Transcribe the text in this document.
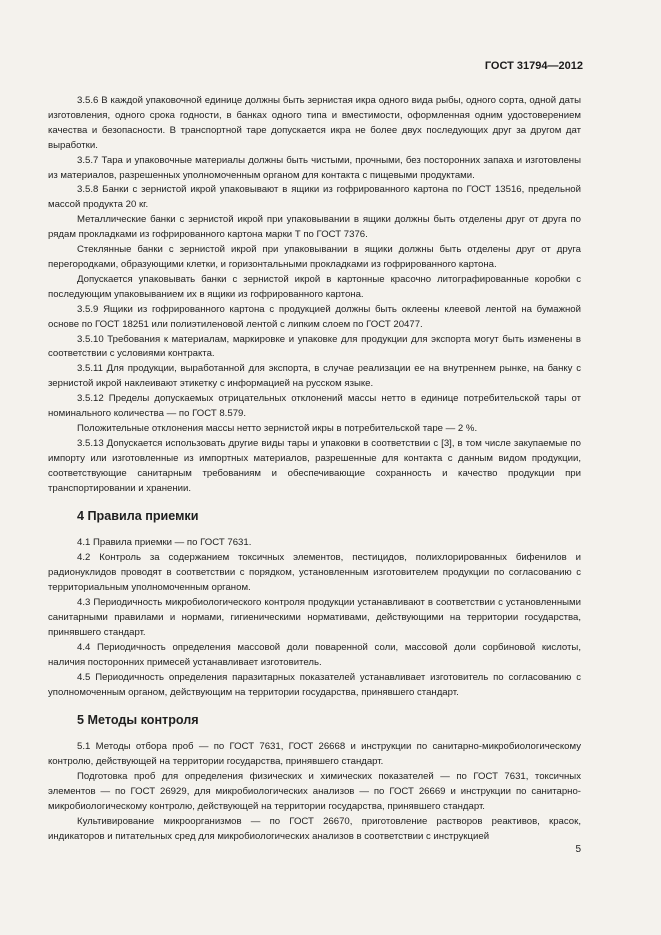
ГОСТ 31794—2012

3.5.6 В каждой упаковочной единице должны быть зернистая икра одного вида рыбы, одного сорта, одной даты изготовления, одного срока годности, в банках одного типа и вместимости, оформленная одним удостоверением качества и безопасности. В транспортной таре допускается икра не более двух последующих друг за другом дат выработки.

3.5.7 Тара и упаковочные материалы должны быть чистыми, прочными, без посторонних запаха и изготовлены из материалов, разрешенных уполномоченным органом для контакта с пищевыми продуктами.

3.5.8 Банки с зернистой икрой упаковывают в ящики из гофрированного картона по ГОСТ 13516, предельной массой продукта 20 кг.

Металлические банки с зернистой икрой при упаковывании в ящики должны быть отделены друг от друга по рядам прокладками из гофрированного картона марки Т по ГОСТ 7376.

Стеклянные банки с зернистой икрой при упаковывании в ящики должны быть отделены друг от друга перегородками, образующими клетки, и горизонтальными прокладками из гофрированного картона.

Допускается упаковывать банки с зернистой икрой в картонные красочно литографированные коробки с последующим упаковыванием их в ящики из гофрированного картона.

3.5.9 Ящики из гофрированного картона с продукцией должны быть оклеены клеевой лентой на бумажной основе по ГОСТ 18251 или полиэтиленовой лентой с липким слоем по ГОСТ 20477.

3.5.10 Требования к материалам, маркировке и упаковке для продукции для экспорта могут быть изменены в соответствии с условиями контракта.

3.5.11 Для продукции, выработанной для экспорта, в случае реализации ее на внутреннем рынке, на банку с зернистой икрой наклеивают этикетку с информацией на русском языке.

3.5.12 Пределы допускаемых отрицательных отклонений массы нетто в единице потребительской тары от номинального количества — по ГОСТ 8.579.

Положительные отклонения массы нетто зернистой икры в потребительской таре — 2 %.

3.5.13 Допускается использовать другие виды тары и упаковки в соответствии с [3], в том числе закупаемые по импорту или изготовленные из импортных материалов, разрешенные для контакта с данным видом продукции, соответствующие санитарным требованиям и обеспечивающие сохранность и качество продукции при транспортировании и хранении.

4 Правила приемки

4.1 Правила приемки — по ГОСТ 7631.

4.2 Контроль за содержанием токсичных элементов, пестицидов, полихлорированных бифенилов и радионуклидов проводят в соответствии с порядком, установленным изготовителем продукции по согласованию с территориальным уполномоченным органом.

4.3 Периодичность микробиологического контроля продукции устанавливают в соответствии с установленными санитарными правилами и нормами, гигиеническими нормативами, действующими на территории государства, принявшего стандарт.

4.4 Периодичность определения массовой доли поваренной соли, массовой доли сорбиновой кислоты, наличия посторонних примесей устанавливает изготовитель.

4.5 Периодичность определения паразитарных показателей устанавливает изготовитель по согласованию с уполномоченным органом, действующим на территории государства, принявшего стандарт.

5 Методы контроля

5.1 Методы отбора проб — по ГОСТ 7631, ГОСТ 26668 и инструкции по санитарно-микробиологическому контролю, действующей на территории государства, принявшего стандарт.

Подготовка проб для определения физических и химических показателей — по ГОСТ 7631, токсичных элементов — по ГОСТ 26929, для микробиологических анализов — по ГОСТ 26669 и инструкции по санитарно-микробиологическому контролю, действующей на территории государства, принявшего стандарт.

Культивирование микроорганизмов — по ГОСТ 26670, приготовление растворов реактивов, красок, индикаторов и питательных сред для микробиологических анализов в соответствии с инструкцией

5
